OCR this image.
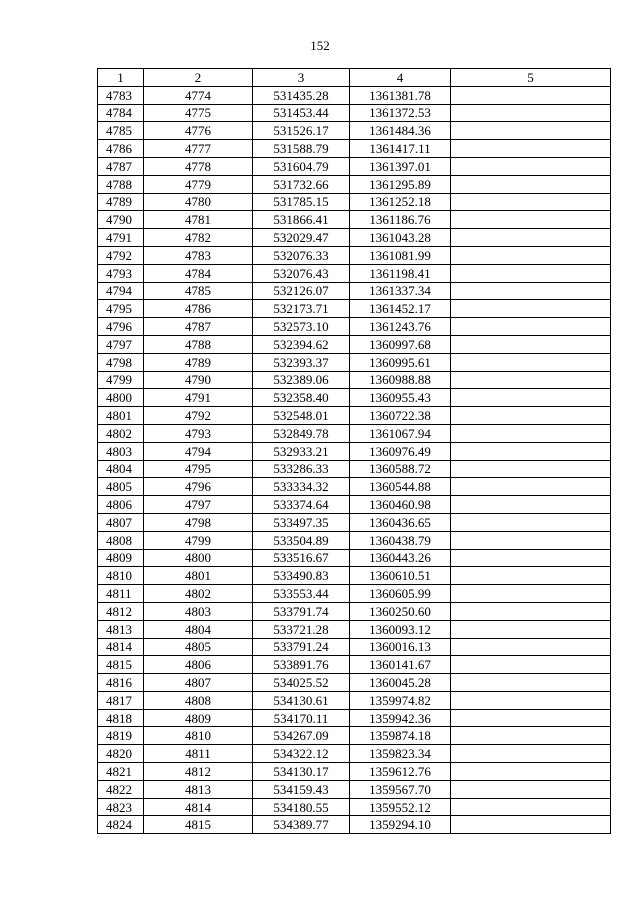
152
1	2	3	4	5
4783	4774	531435.28	1361381.78	
4784	4775	531453.44	1361372.53	
4785	4776	531526.17	1361484.36	
4786	4777	531588.79	1361417.11	
4787	4778	531604.79	1361397.01	
4788	4779	531732.66	1361295.89	
4789	4780	531785.15	1361252.18	
4790	4781	531866.41	1361186.76	
4791	4782	532029.47	1361043.28	
4792	4783	532076.33	1361081.99	
4793	4784	532076.43	1361198.41	
4794	4785	532126.07	1361337.34	
4795	4786	532173.71	1361452.17	
4796	4787	532573.10	1361243.76	
4797	4788	532394.62	1360997.68	
4798	4789	532393.37	1360995.61	
4799	4790	532389.06	1360988.88	
4800	4791	532358.40	1360955.43	
4801	4792	532548.01	1360722.38	
4802	4793	532849.78	1361067.94	
4803	4794	532933.21	1360976.49	
4804	4795	533286.33	1360588.72	
4805	4796	533334.32	1360544.88	
4806	4797	533374.64	1360460.98	
4807	4798	533497.35	1360436.65	
4808	4799	533504.89	1360438.79	
4809	4800	533516.67	1360443.26	
4810	4801	533490.83	1360610.51	
4811	4802	533553.44	1360605.99	
4812	4803	533791.74	1360250.60	
4813	4804	533721.28	1360093.12	
4814	4805	533791.24	1360016.13	
4815	4806	533891.76	1360141.67	
4816	4807	534025.52	1360045.28	
4817	4808	534130.61	1359974.82	
4818	4809	534170.11	1359942.36	
4819	4810	534267.09	1359874.18	
4820	4811	534322.12	1359823.34	
4821	4812	534130.17	1359612.76	
4822	4813	534159.43	1359567.70	
4823	4814	534180.55	1359552.12	
4824	4815	534389.77	1359294.10	
